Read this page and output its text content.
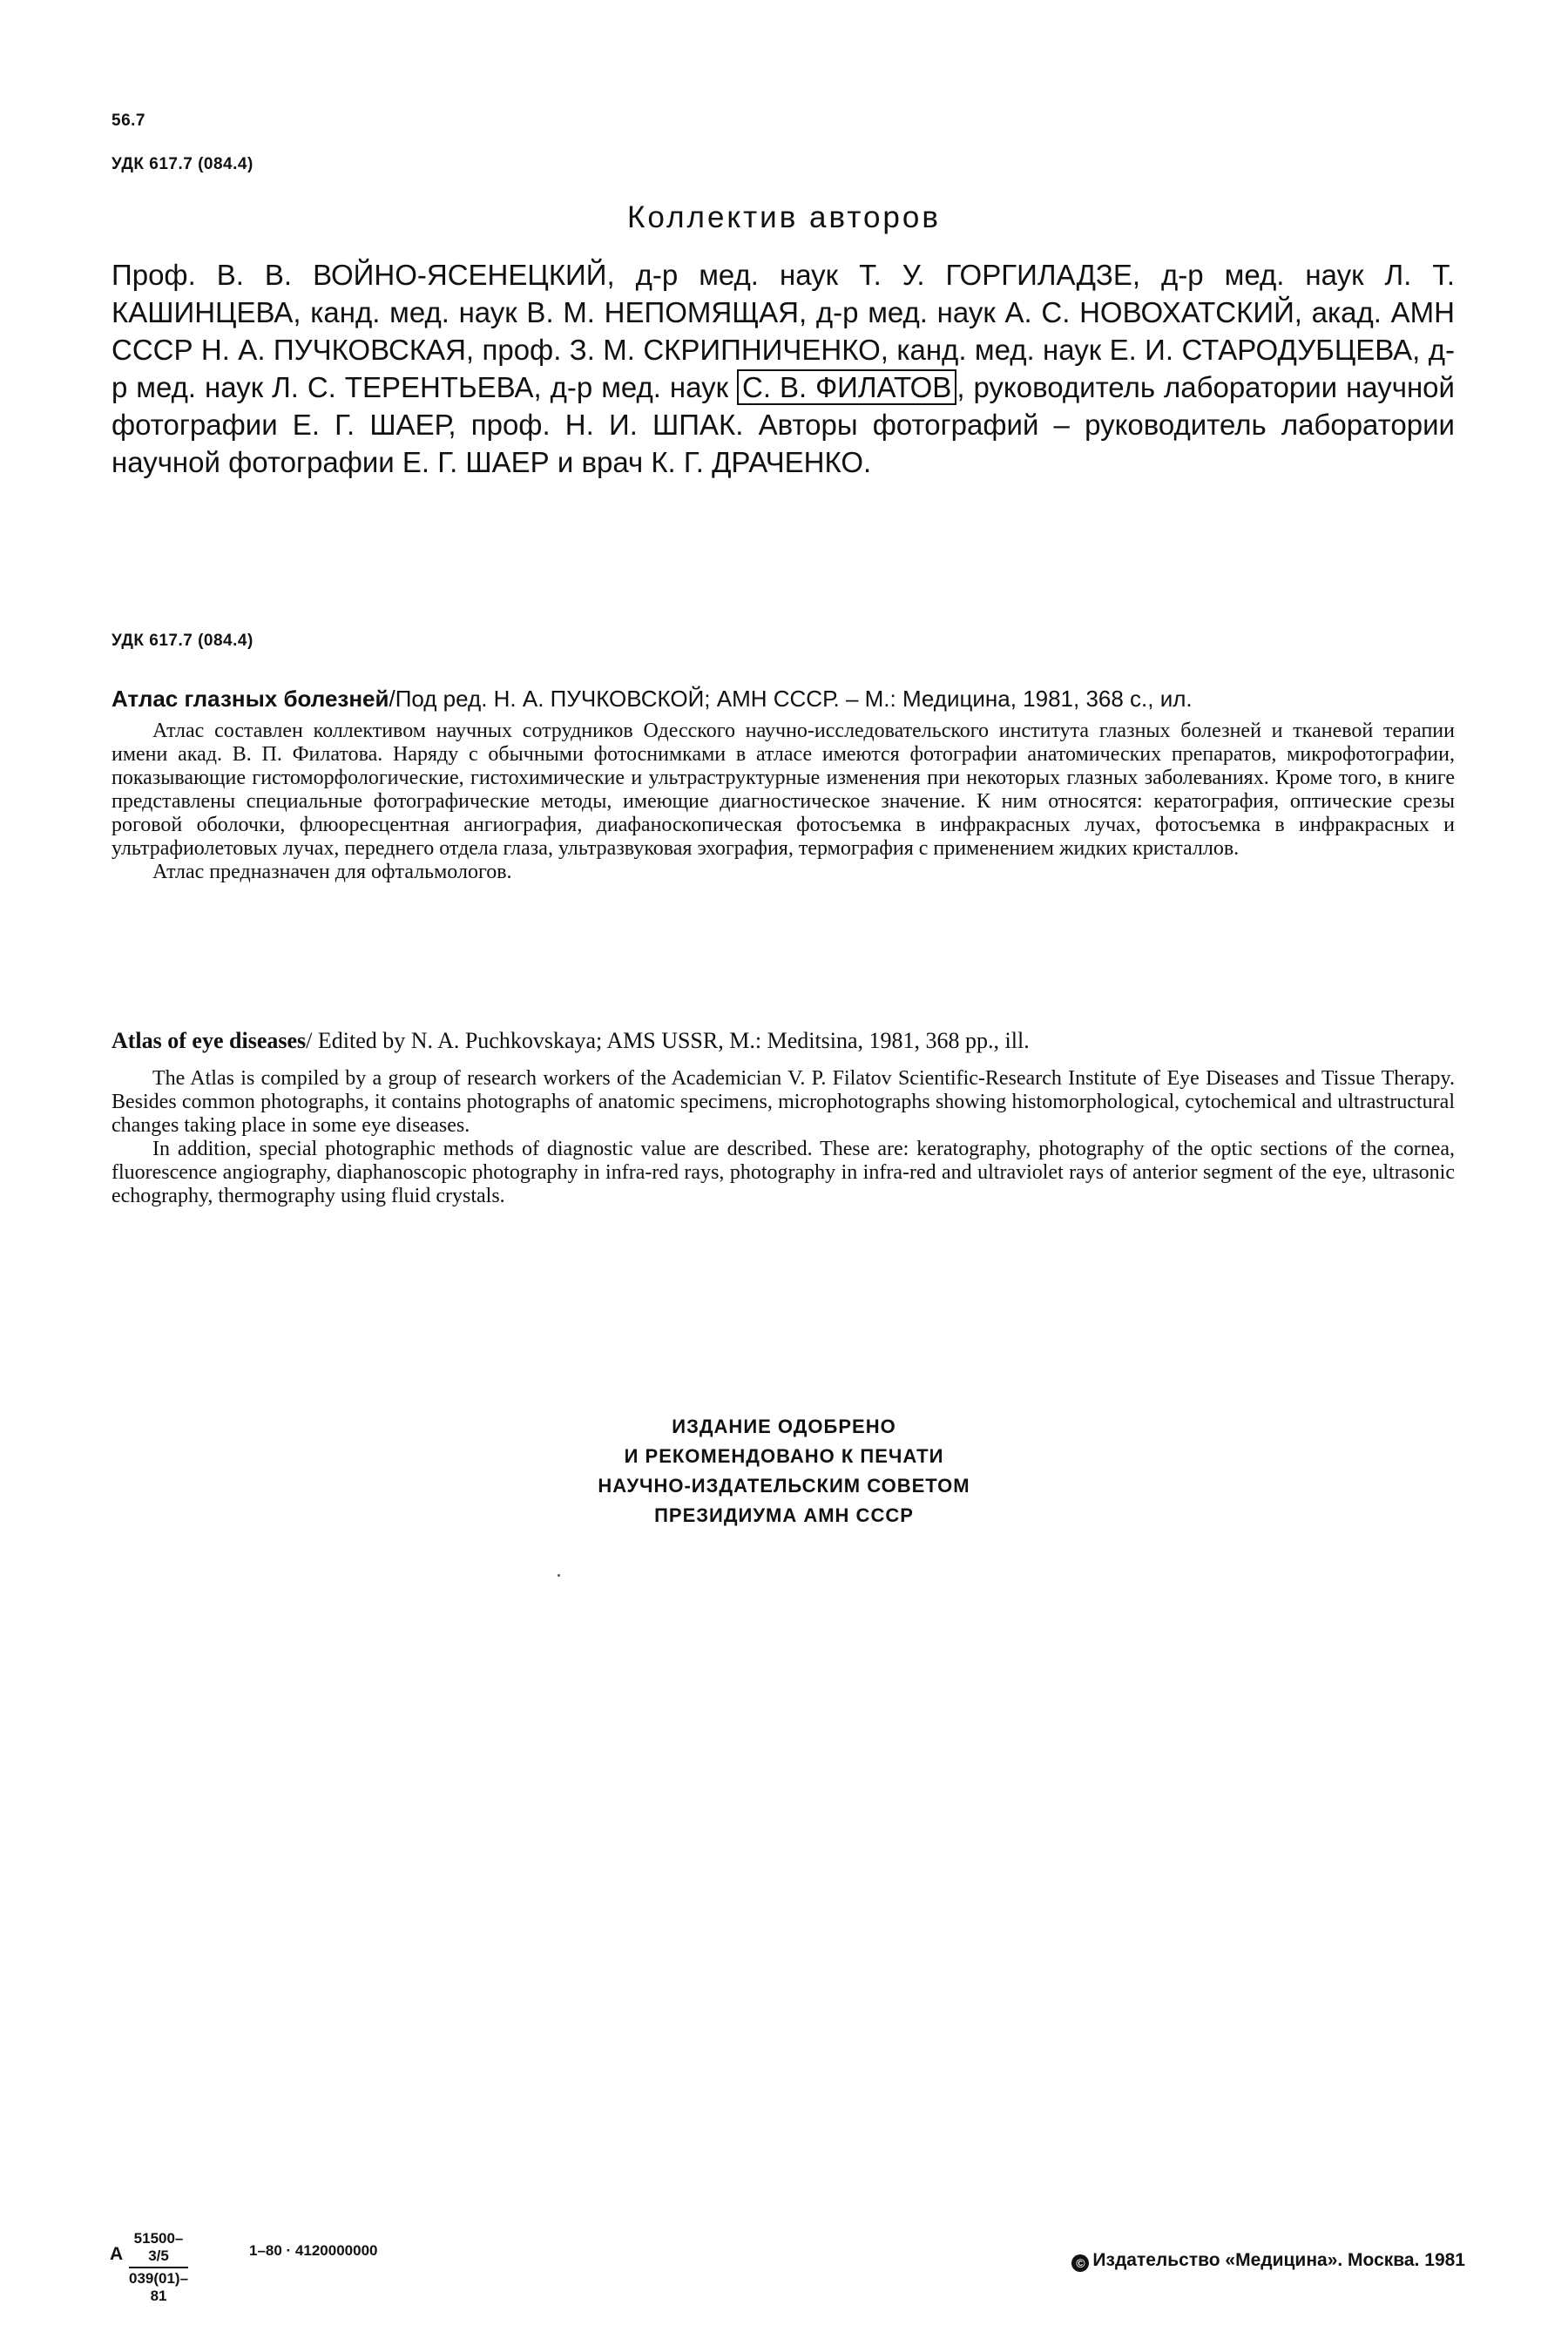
56.7
УДК 617.7 (084.4)
Коллектив авторов
Проф. В. В. ВОЙНО-ЯСЕНЕЦКИЙ, д-р мед. наук Т. У. ГОРГИЛАДЗЕ, д-р мед. наук Л. Т. КАШИНЦЕВА, канд. мед. наук В. М. НЕПОМЯЩАЯ, д-р мед. наук А. С. НОВОХАТСКИЙ, акад. АМН СССР Н. А. ПУЧКОВСКАЯ, проф. З. М. СКРИПНИЧЕНКО, канд. мед. наук Е. И. СТАРОДУБЦЕВА, д-р мед. наук Л. С. ТЕРЕНТЬЕВА, д-р мед. наук С. В. ФИЛАТОВ , руководитель лаборатории научной фотографии Е. Г. ШАЕР, проф. Н. И. ШПАК. Авторы фотографий – руководитель лаборатории научной фотографии Е. Г. ШАЕР и врач К. Г. ДРАЧЕНКО.
УДК 617.7 (084.4)
Атлас глазных болезней/Под ред. Н. А. ПУЧКОВСКОЙ; АМН СССР. – М.: Медицина, 1981, 368 с., ил.

Атлас составлен коллективом научных сотрудников Одесского научно-исследовательского института глазных болезней и тканевой терапии имени акад. В. П. Филатова. Наряду с обычными фотоснимками в атласе имеются фотографии анатомических препаратов, микрофотографии, показывающие гистоморфологические, гистохимические и ультраструктурные изменения при некоторых глазных заболеваниях. Кроме того, в книге представлены специальные фотографические методы, имеющие диагностическое значение. К ним относятся: кератография, оптические срезы роговой оболочки, флюоресцентная ангиография, диафаноскопическая фотосъемка в инфракрасных лучах, фотосъемка в инфракрасных и ультрафиолетовых лучах, переднего отдела глаза, ультразвуковая эхография, термография с применением жидких кристаллов.

Атлас предназначен для офтальмологов.

Atlas of eye diseases/ Edited by N. A. Puchkovskaya; AMS USSR, M.: Meditsina, 1981, 368 pp., ill.

The Atlas is compiled by a group of research workers of the Academician V. P. Filatov Scientific-Research Institute of Eye Diseases and Tissue Therapy. Besides common photographs, it contains photographs of anatomic specimens, microphotographs showing histomorphological, cytochemical and ultrastructural changes taking place in some eye diseases.

In addition, special photographic methods of diagnostic value are described. These are: keratography, photography of the optic sections of the cornea, fluorescence angiography, diaphanoscopic photography in infra-red rays, photography in infra-red and ultraviolet rays of anterior segment of the eye, ultrasonic echography, thermography using fluid crystals.

ИЗДАНИЕ ОДОБРЕНО
И РЕКОМЕНДОВАНО К ПЕЧАТИ
НАУЧНО-ИЗДАТЕЛЬСКИМ СОВЕТОМ
ПРЕЗИДИУМА АМН СССР
А $\frac{51500-3/5}{039(01)-81}$	1–80 · 4120000000
© Издательство «Медицина». Москва. 1981
